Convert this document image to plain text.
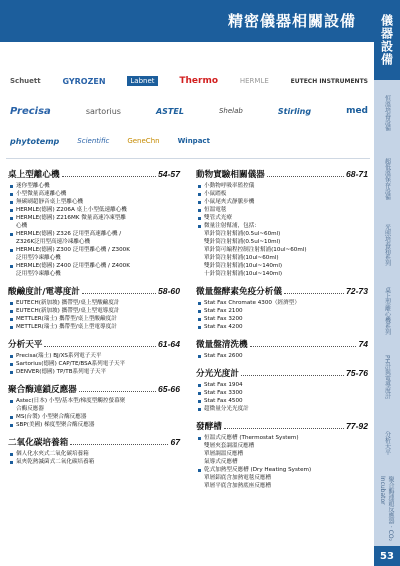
精密儀器相關設備
Schuett	GYROZEN	Labnet	Thermo	HERMLE	EUTECH INSTRUMENTS
Precisa	sartorius	ASTEL	Shelab	Stirling	med
phytotemp	Scientific	GeneChn	Winpact
桌上型離心機	54-57
迷你型離心機
小型微量高速離心機
無碳刷超靜音桌上型離心機
HERMLE(德國) Z206A 桌上小型低速離心機
HERMLE(德國) Z216MK 微量高速冷凍型離
心機
HERMLE(德國) Z326 泛用型高速離心機 /
Z326K泛用型高速冷凍離心機
HERMLE(德國) Z300 泛用型離心機 / Z300K
泛用型冷凍離心機
HERMLE(德國) Z400 泛用型離心機 / Z400K
泛用型冷凍離心機
酸鹼度計/電導度計	58-60
EUTECH(新加坡) 攜帶型/桌上型酸鹼度計
EUTECH(新加坡) 攜帶型/桌上型電導度計
METTLER(瑞士) 攜帶型/桌上型酸鹼度計
METTLER(瑞士) 攜帶型/桌上型電導度計
分析天平	61-64
Precisa(瑞士) BJ/XS系列電子天平
Sartorius(德國) CAP/TE/BSA系列電子天平
DENVER(德國) TP/TB系列電子天平
聚合酶連鎖反應器	65-66
Astec(日本) 小型/基本型/梯度型觸控螢幕聚
合酶反應器
MS(台製) 小型聚合酶反應器
SBP(美國) 梯度型聚合酶反應器
二氧化碳培養箱	67
個人化水夾式二氧化碳培養箱
氣夾乾熱滅菌式二氧化碳培養箱
動物實驗相關儀器	68-71
小動物呼吸率監控儀
小鼠踏板
小鼠尾夾式靜脈步機
恒溫電毯
雙管式光療
微量注射幫浦，包括：
單針筒注射幫浦(0.5ul~60ml)
雙針筒注射幫浦(0.5ul~10ml)
單針筒可編程控制注射幫浦(10ul~60ml)
單針筒注射幫浦(10ul~60ml)
雙針筒注射幫浦(10ul~140ml)
十針筒注射幫浦(10ul~140ml)
微量盤酵素免疫分析儀	72-73
Stat Fax Chromate 4300（經濟型）
Stat Fax 2100
Stat Fax 3200
Stat Fax 4200
微量盤清洗機	74
Stat Fax 2600
分光光度計	75-76
Stat Fax 1904
Stat Fax 3300
Stat Fax 4500
超微量分光光度計
發酵槽	77-92
恒溫式反應槽 (Thermostat System)
雙層夾套調溫反應槽
單層調溫反應槽
氣導式反應槽
乾式加熱型反應槽 (Dry Heating System)
單層鋁底含加熱電毯反應槽
單層平底含加熱底座反應槽
儀器設備
恒溫培養設備
超低溫保存設備
光照培養箱系列
桌上型離心機系列
PH計與電導度計
分析天平
聚合酶連鎖反應器 · CO₂ Incubator
53
